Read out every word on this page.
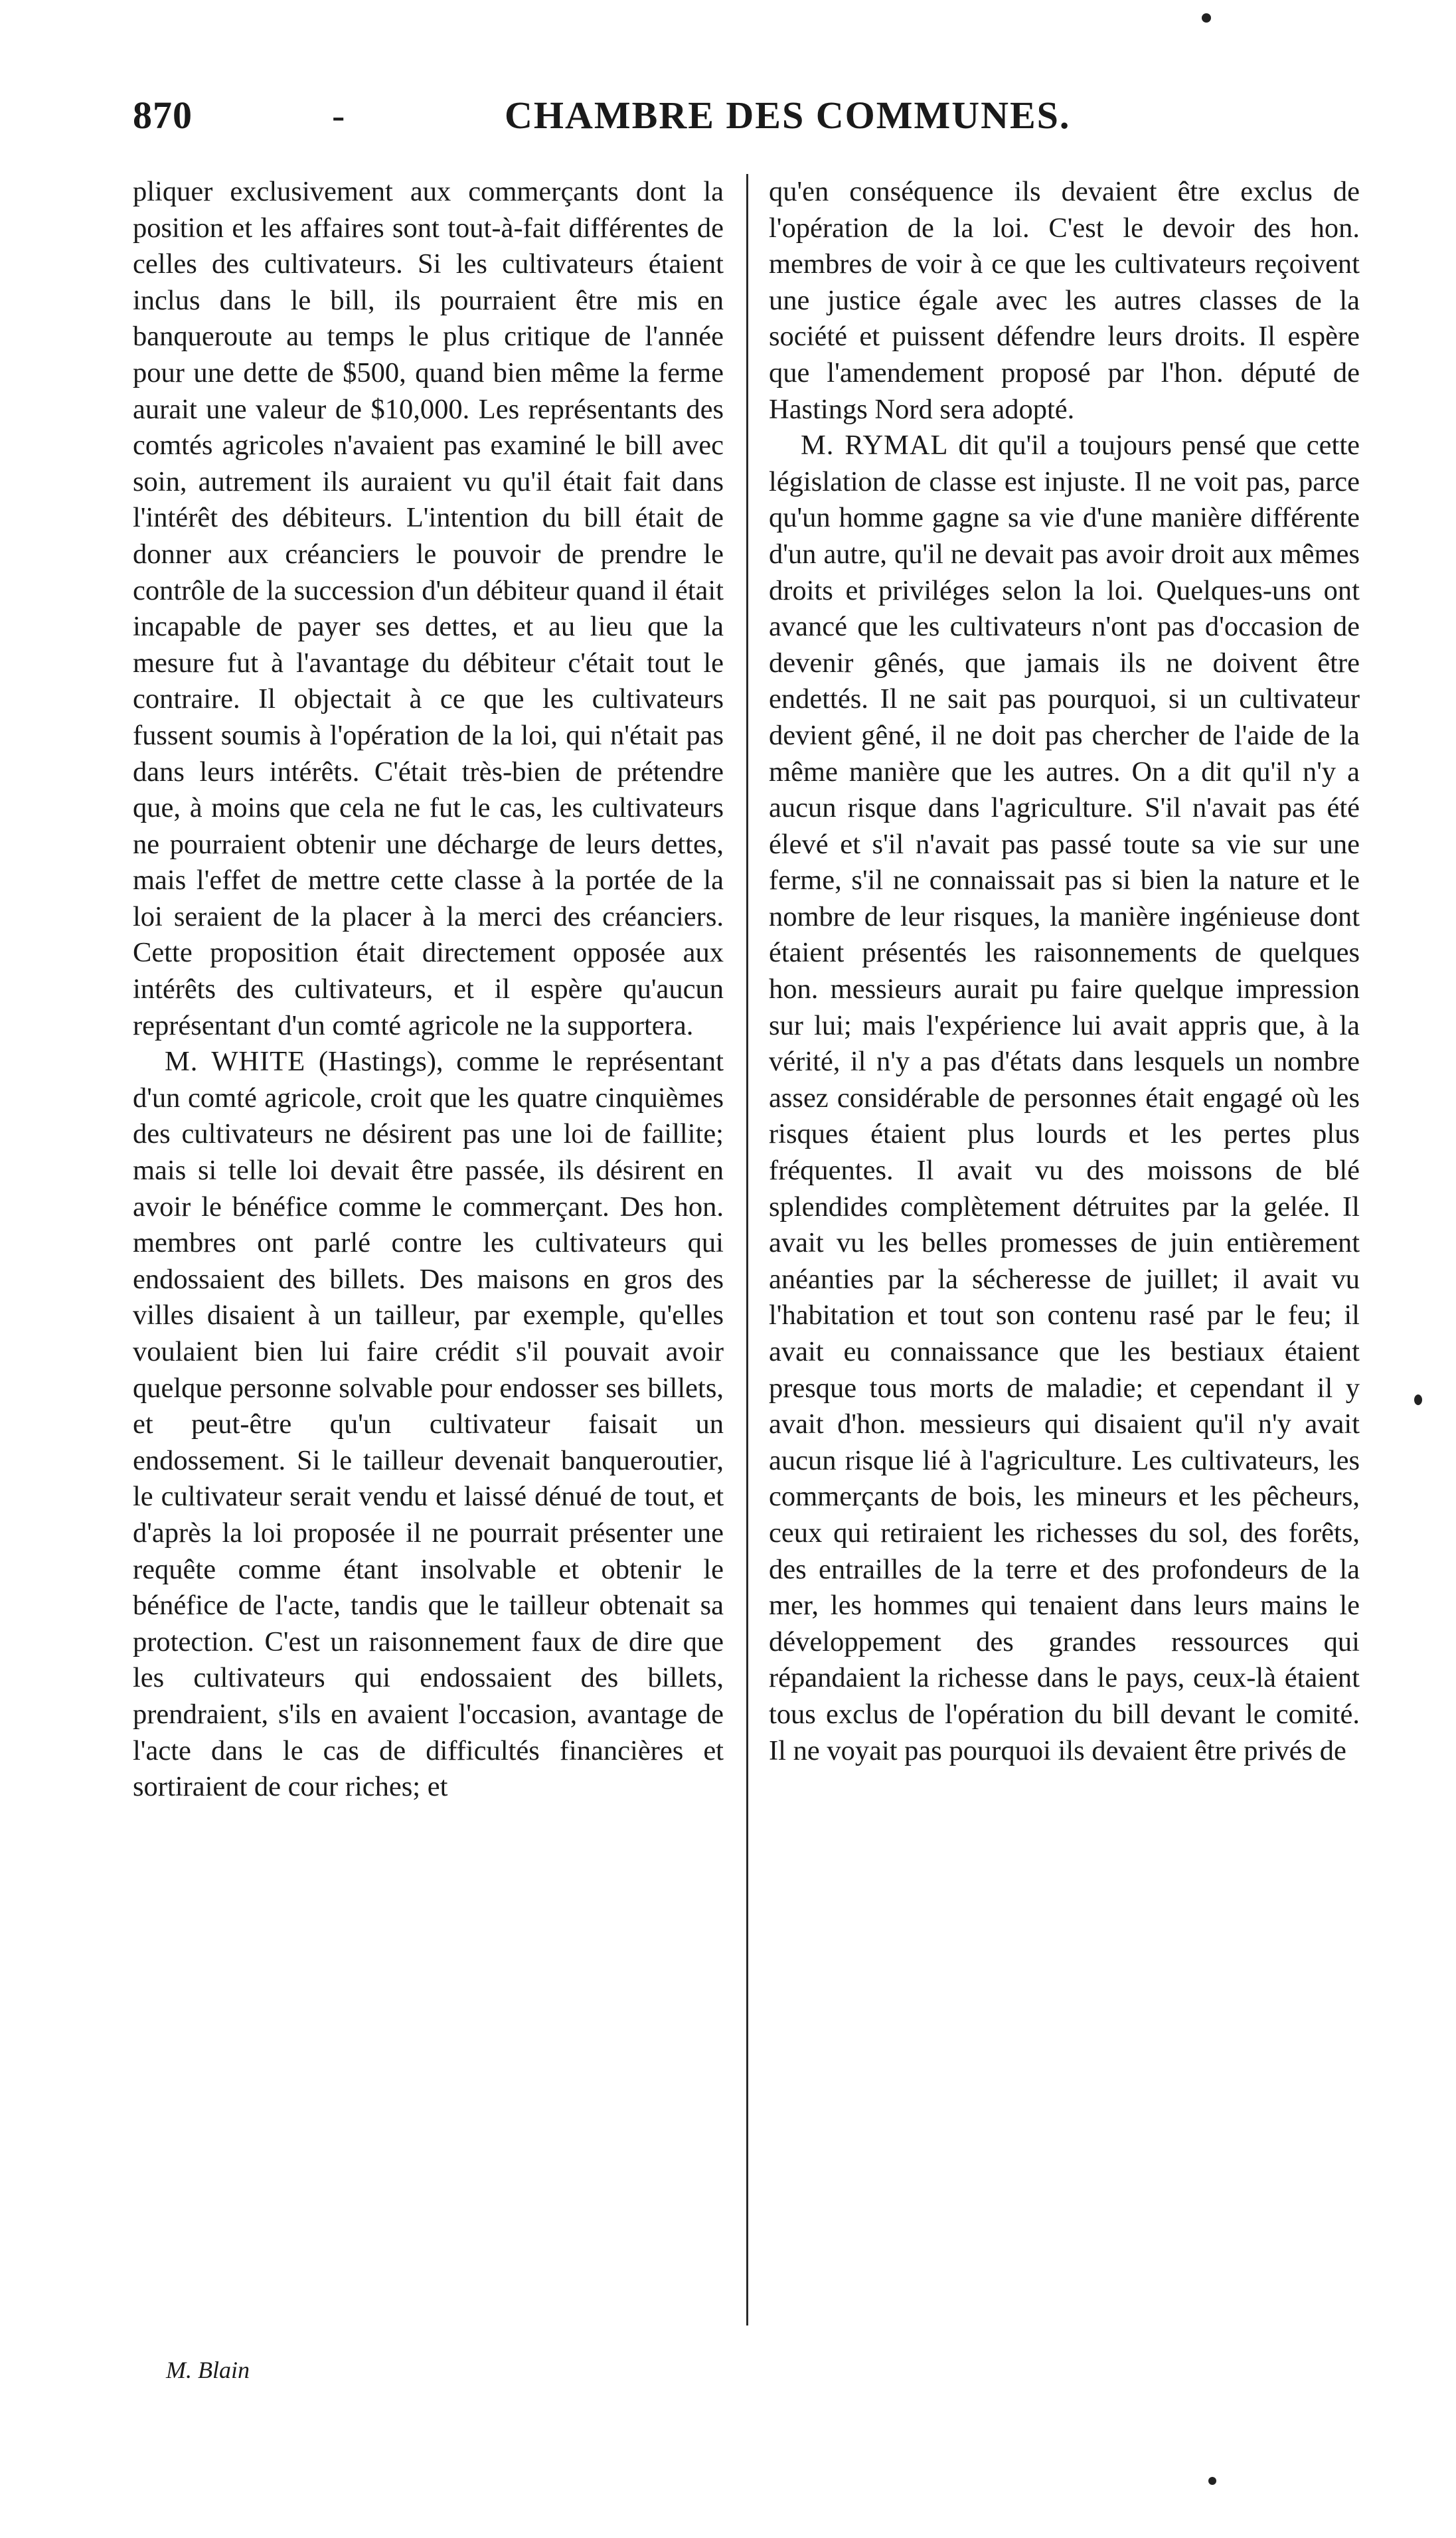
870	-	CHAMBRE DES COMMUNES.

pliquer exclusivement aux commerçants dont la position et les affaires sont tout-à-fait différentes de celles des cultivateurs. Si les cultivateurs étaient inclus dans le bill, ils pourraient être mis en banqueroute au temps le plus critique de l'année pour une dette de $500, quand bien même la ferme aurait une valeur de $10,000. Les représentants des comtés agricoles n'avaient pas examiné le bill avec soin, autrement ils auraient vu qu'il était fait dans l'intérêt des débiteurs. L'intention du bill était de donner aux créanciers le pouvoir de prendre le contrôle de la succession d'un débiteur quand il était incapable de payer ses dettes, et au lieu que la mesure fut à l'avantage du débiteur c'était tout le contraire. Il objectait à ce que les cultivateurs fussent soumis à l'opération de la loi, qui n'était pas dans leurs intérêts. C'était très-bien de prétendre que, à moins que cela ne fut le cas, les cultivateurs ne pourraient obtenir une décharge de leurs dettes, mais l'effet de mettre cette classe à la portée de la loi seraient de la placer à la merci des créanciers. Cette proposition était directement opposée aux intérêts des cultivateurs, et il espère qu'aucun représentant d'un comté agricole ne la supportera.

M. WHITE (Hastings), comme le représentant d'un comté agricole, croit que les quatre cinquièmes des cultivateurs ne désirent pas une loi de faillite; mais si telle loi devait être passée, ils désirent en avoir le bénéfice comme le commerçant. Des hon. membres ont parlé contre les cultivateurs qui endossaient des billets. Des maisons en gros des villes disaient à un tailleur, par exemple, qu'elles voulaient bien lui faire crédit s'il pouvait avoir quelque personne solvable pour endosser ses billets, et peut-être qu'un cultivateur faisait un endossement. Si le tailleur devenait banqueroutier, le cultivateur serait vendu et laissé dénué de tout, et d'après la loi proposée il ne pourrait présenter une requête comme étant insolvable et obtenir le bénéfice de l'acte, tandis que le tailleur obtenait sa protection. C'est un raisonnement faux de dire que les cultivateurs qui endossaient des billets, prendraient, s'ils en avaient l'occasion, avantage de l'acte dans le cas de difficultés financières et sortiraient de cour riches; et

qu'en conséquence ils devaient être exclus de l'opération de la loi. C'est le devoir des hon. membres de voir à ce que les cultivateurs reçoivent une justice égale avec les autres classes de la société et puissent défendre leurs droits. Il espère que l'amendement proposé par l'hon. député de Hastings Nord sera adopté.

M. RYMAL dit qu'il a toujours pensé que cette législation de classe est injuste. Il ne voit pas, parce qu'un homme gagne sa vie d'une manière différente d'un autre, qu'il ne devait pas avoir droit aux mêmes droits et priviléges selon la loi. Quelques-uns ont avancé que les cultivateurs n'ont pas d'occasion de devenir gênés, que jamais ils ne doivent être endettés. Il ne sait pas pourquoi, si un cultivateur devient gêné, il ne doit pas chercher de l'aide de la même manière que les autres. On a dit qu'il n'y a aucun risque dans l'agriculture. S'il n'avait pas été élevé et s'il n'avait pas passé toute sa vie sur une ferme, s'il ne connaissait pas si bien la nature et le nombre de leur risques, la manière ingénieuse dont étaient présentés les raisonnements de quelques hon. messieurs aurait pu faire quelque impression sur lui; mais l'expérience lui avait appris que, à la vérité, il n'y a pas d'états dans lesquels un nombre assez considérable de personnes était engagé où les risques étaient plus lourds et les pertes plus fréquentes. Il avait vu des moissons de blé splendides complètement détruites par la gelée. Il avait vu les belles promesses de juin entièrement anéanties par la sécheresse de juillet; il avait vu l'habitation et tout son contenu rasé par le feu; il avait eu connaissance que les bestiaux étaient presque tous morts de maladie; et cependant il y avait d'hon. messieurs qui disaient qu'il n'y avait aucun risque lié à l'agriculture. Les cultivateurs, les commerçants de bois, les mineurs et les pêcheurs, ceux qui retiraient les richesses du sol, des forêts, des entrailles de la terre et des profondeurs de la mer, les hommes qui tenaient dans leurs mains le développement des grandes ressources qui répandaient la richesse dans le pays, ceux-là étaient tous exclus de l'opération du bill devant le comité. Il ne voyait pas pourquoi ils devaient être privés de

M. Blain
